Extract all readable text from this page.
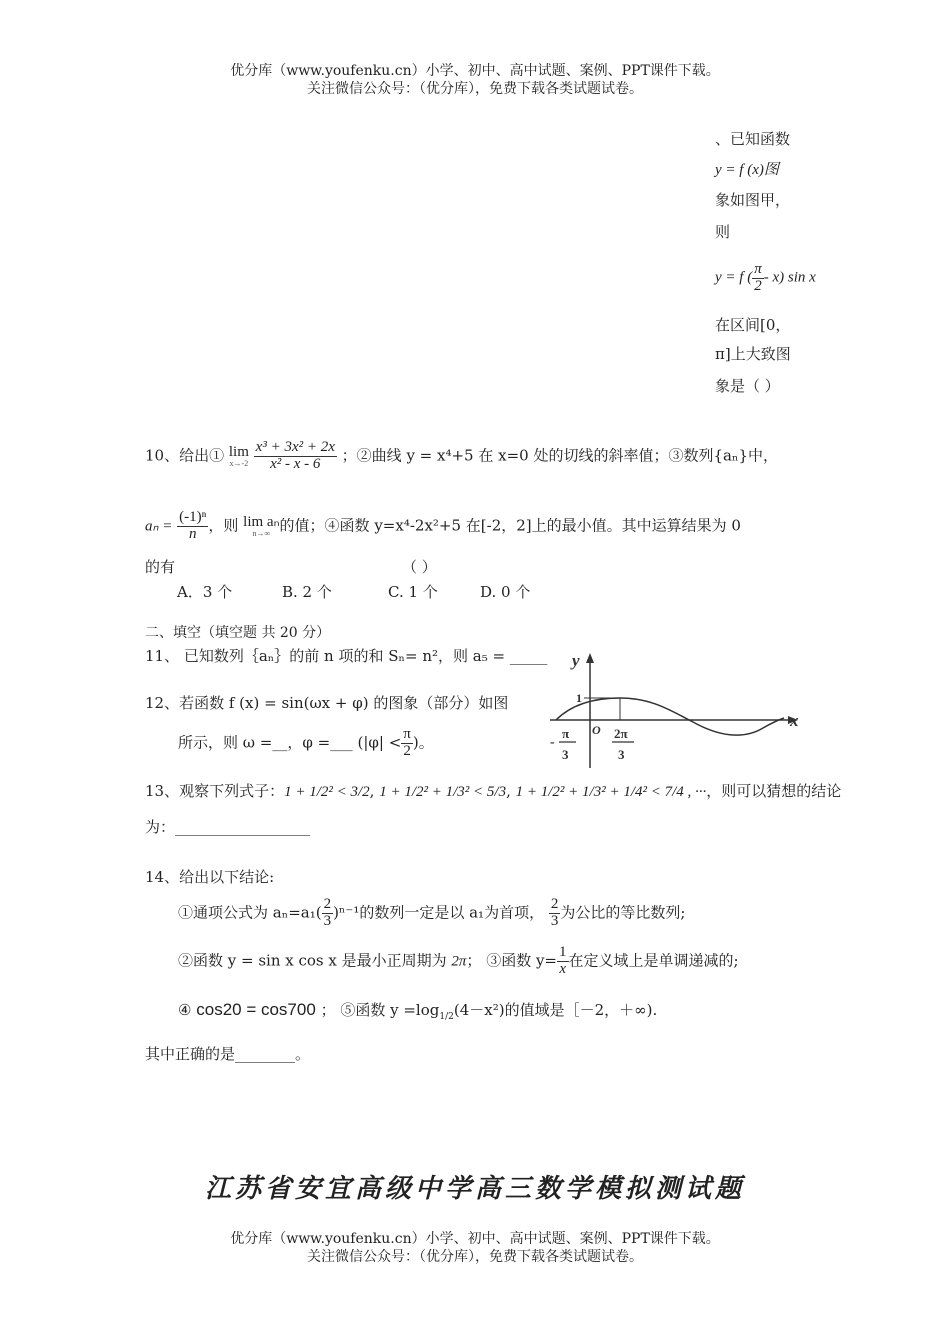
优分库（www.youfenku.cn）小学、初中、高中试题、案例、PPT课件下载。
关注微信公众号：（优分库），免费下载各类试题试卷。
、已知函数
y = f (x)图
象如图甲，
则
y = f ( $\frac{\pi}{2} - x$) sin x
在区间[0，
π]上大致图
象是（ ）
10、给出① lim
x→-2
$\frac{\text{x³ + 3x² + 2x}}{\text{x² - x - 6}}$ ；②曲线 y = x⁴+5 在 x=0 处的切线的斜率值；③数列{aₙ}中，
$a_n = \frac{\text{(-1)ⁿ}}{n}$ ，则 lim aₙ
n→∞ 的值；④函数 y=x⁴-2x²+5 在[-2，2]上的最小值。其中运算结果为 0
的有	（ ）
A．3 个	B. 2 个	C. 1 个	D. 0 个
二、填空（填空题 共 20 分）
11、 已知数列｛aₙ｝的前 n 项的和 Sₙ= n²，则 a₅ = _____
12、若函数 f (x) = sin(ωx + φ) 的图象（部分）如图
所示，则 ω =__，φ =___ ($|\varphi| < \frac{\pi}{2}$ )。
y
x
1
O
-
π
3
2π
3
13、观察下列式子：1 + 1/2² < 3/2, 1 + 1/2² + 1/3² < 5/3, 1 + 1/2² + 1/3² + 1/4² < 7/4 , ···，则可以猜想的结论
为：__________________
14、给出以下结论:
①通项公式为 $a_n=a_1( \frac{2}{3} )^{n-1}$的数列一定是以 a₁为首项， $\frac{2}{3}$ 为公比的等比数列;
②函数 y = sin x cos x 是最小正周期为 2π； ③函数 $y= \frac{1}{x}$ 在定义域上是单调递减的;
④ cos20 = cos700 ； ⑤函数 $y =\log_{1/2}(4-x^2)$的值域是［－2，＋∞).
其中正确的是________。
江苏省安宜高级中学高三数学模拟测试题
优分库（www.youfenku.cn）小学、初中、高中试题、案例、PPT课件下载。
关注微信公众号：（优分库），免费下载各类试题试卷。
